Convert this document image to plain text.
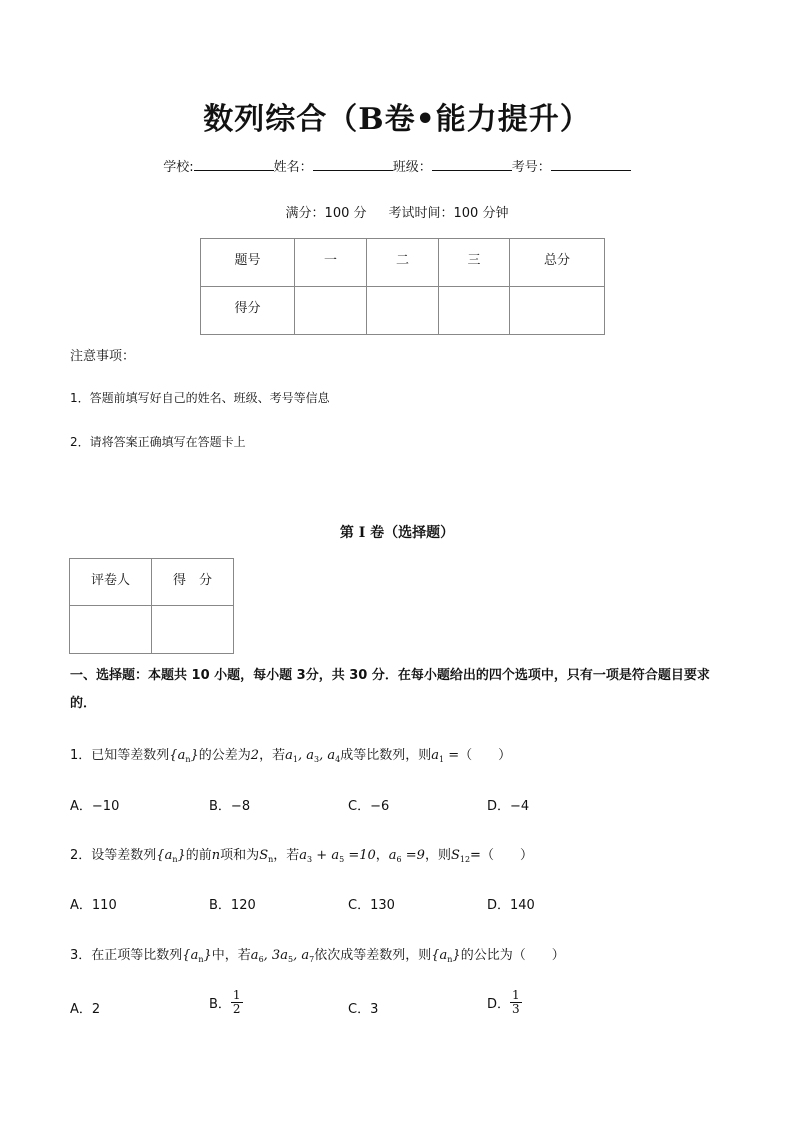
数列综合（B卷•能力提升）
学校:	姓名：	班级：	考号：
满分：100 分 考试时间：100 分钟
题号	一	二	三	总分
得分				
注意事项：
1．答题前填写好自己的姓名、班级、考号等信息
2．请将答案正确填写在答题卡上
第 I 卷（选择题）
评卷人	得　分

一、选择题：本题共 10 小题，每小题 3分，共 30 分．在每小题给出的四个选项中，只有一项是符合题目要求的．
1．已知等差数列$\{a_n\}$的公差为2，若$a_1$, $a_3$, $a_4$成等比数列，则$a_1$ =（　　）
A．−10	B．−8	C．−6	D．−4
2．设等差数列$\{a_n\}$的前n项和为$S_n$，若$a_3 + a_5 =10$，$a_6 =9$，则$S_{12}=$（　　）
A．110	B．120	C．130	D．140
3．在正项等比数列$\{a_n\}$中，若$a_6$, $3a_5$, $a_7$依次成等差数列，则$\{a_n\}$的公比为（　　）
A．2	B． $\frac{1}{2}$	C．3	D． $\frac{1}{3}$
